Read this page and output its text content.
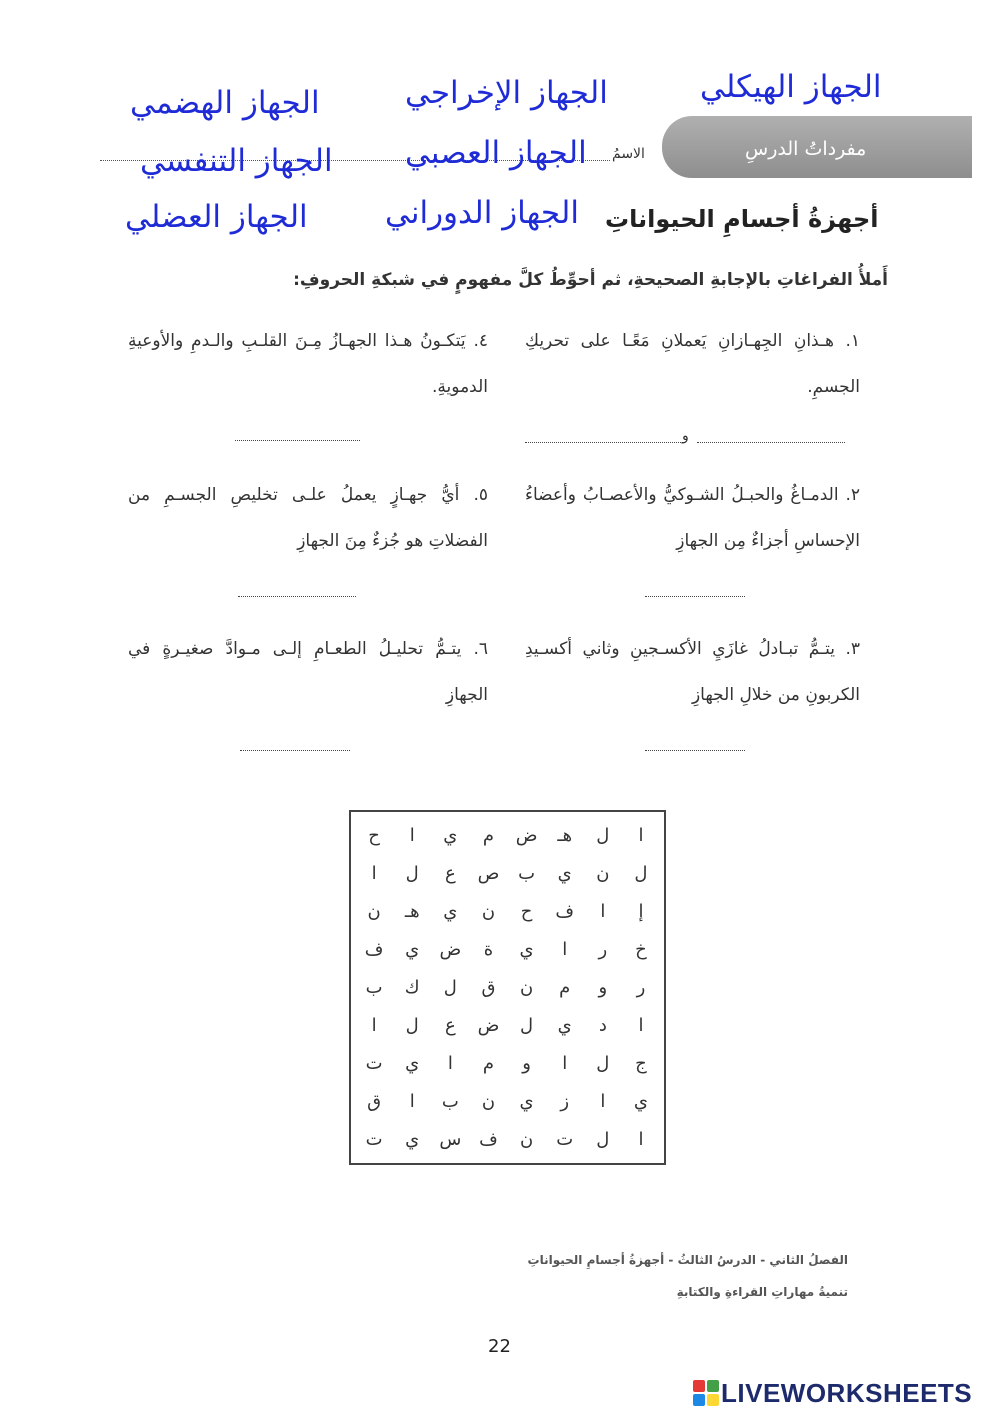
الجهاز الهيكلي
الجهاز الإخراجي
الجهاز الهضمي
مفرداتُ الدرسِ
الاسمُ
الجهاز العصبي
الجهاز التنفسي
أجهزةُ أجسامِ الحيواناتِ
الجهاز الدوراني
الجهاز العضلي
أَملأُ الفراغاتِ بالإجابةِ الصحيحةِ، ثم أحوِّطُ كلَّ مفهومٍ في شبكةِ الحروفِ:
١. هـذانِ الجِهـازانِ يَعملانِ مَعًـا على تحريكِ الجسمِ.
و
٢. الدمـاغُ والحبـلُ الشـوكيُّ والأعصـابُ وأعضاءُ الإحساسِ أجزاءٌ مِن الجهازِ
٣. يتـمُّ تبـادلُ غازَيِ الأكسـجينِ وثاني أكسـيدِ الكربونِ من خلالِ الجهازِ
٤. يَتكـونُ هـذا الجهـازُ مِـنَ القلـبِ والـدمِ والأوعيةِ الدمويةِ.
٥. أيُّ جهـازٍ يعملُ علـى تخليصِ الجسـمِ من الفضلاتِ هو جُزءٌ مِنَ الجهازِ
٦. يتـمُّ تحليـلُ الطعـامِ إلـى مـوادَّ صغيـرةٍ في الجهازِ
ا
ل
هـ
ض
م
ي
ا
ح
ل
ن
ي
ب
ص
ع
ل
ا
إ
ا
ف
ح
ن
ي
هـ
ن
خ
ر
ا
ي
ة
ض
ي
ف
ر
و
م
ن
ق
ل
ك
ب
ا
د
ي
ل
ض
ع
ل
ا
ج
ل
ا
و
م
ا
ي
ت
ي
ا
ز
ي
ن
ب
ا
ق
ا
ل
ت
ن
ف
س
ي
ت
الفصلُ الثاني - الدرسُ الثالثُ - أجهزةُ أجسامِ الحيواناتِ
تنميةُ مهاراتِ القراءةِ والكتابةِ
22
LIVEWORKSHEETS
